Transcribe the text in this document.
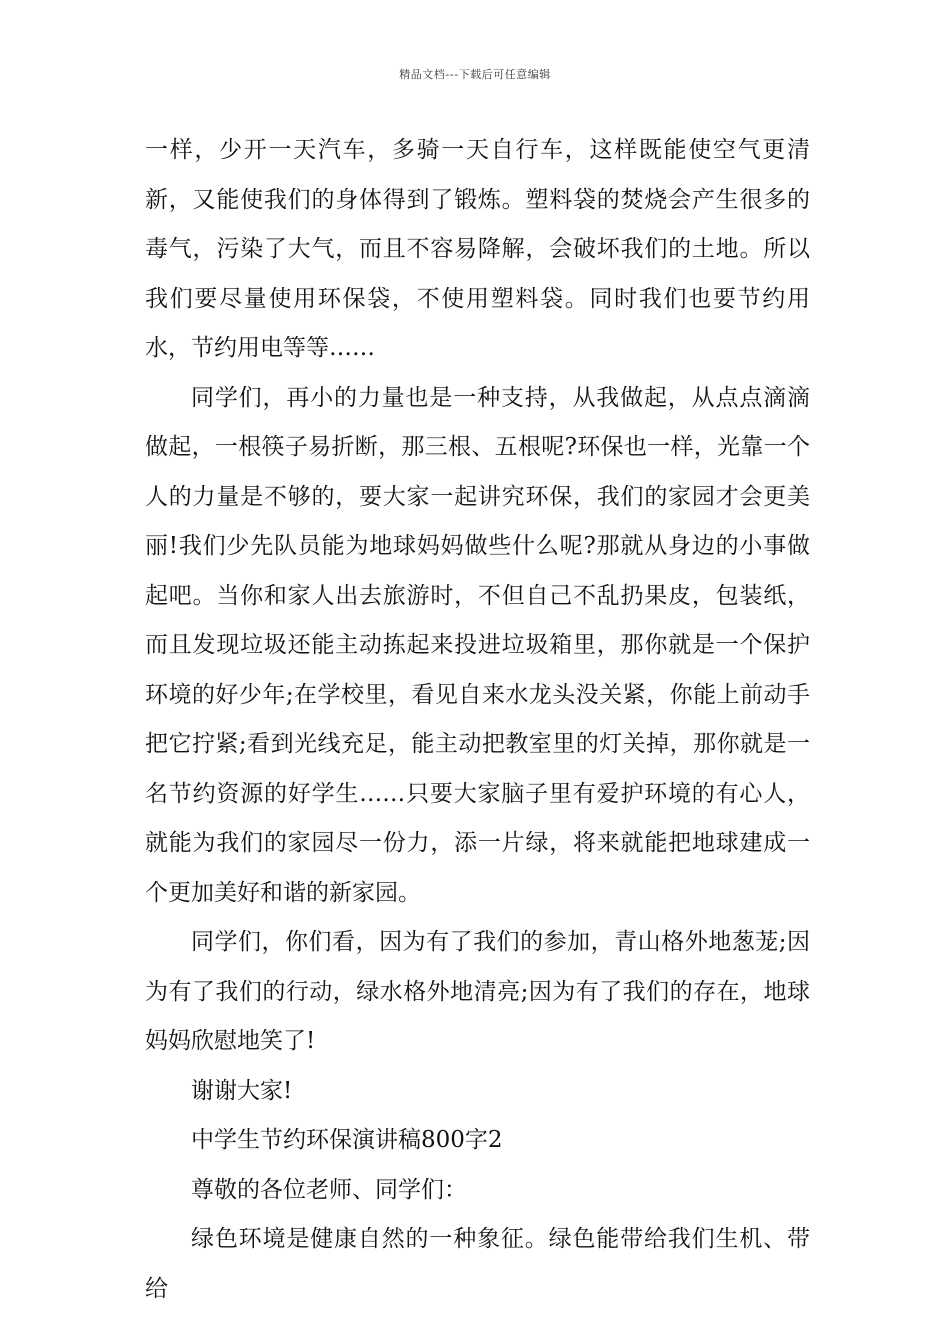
精品文档---下载后可任意编辑

一样，少开一天汽车，多骑一天自行车，这样既能使空气更清新，又能使我们的身体得到了锻炼。塑料袋的焚烧会产生很多的毒气，污染了大气，而且不容易降解，会破坏我们的土地。所以我们要尽量使用环保袋，不使用塑料袋。同时我们也要节约用水，节约用电等等……

同学们，再小的力量也是一种支持，从我做起，从点点滴滴做起，一根筷子易折断，那三根、五根呢?环保也一样，光靠一个人的力量是不够的，要大家一起讲究环保，我们的家园才会更美丽!我们少先队员能为地球妈妈做些什么呢?那就从身边的小事做起吧。当你和家人出去旅游时，不但自己不乱扔果皮，包装纸，而且发现垃圾还能主动拣起来投进垃圾箱里，那你就是一个保护环境的好少年;在学校里，看见自来水龙头没关紧，你能上前动手把它拧紧;看到光线充足，能主动把教室里的灯关掉，那你就是一名节约资源的好学生……只要大家脑子里有爱护环境的有心人，就能为我们的家园尽一份力，添一片绿，将来就能把地球建成一个更加美好和谐的新家园。

同学们，你们看，因为有了我们的参加，青山格外地葱茏;因为有了我们的行动，绿水格外地清亮;因为有了我们的存在，地球妈妈欣慰地笑了!

谢谢大家!

中学生节约环保演讲稿800字2

尊敬的各位老师、同学们：

绿色环境是健康自然的一种象征。绿色能带给我们生机、带给
